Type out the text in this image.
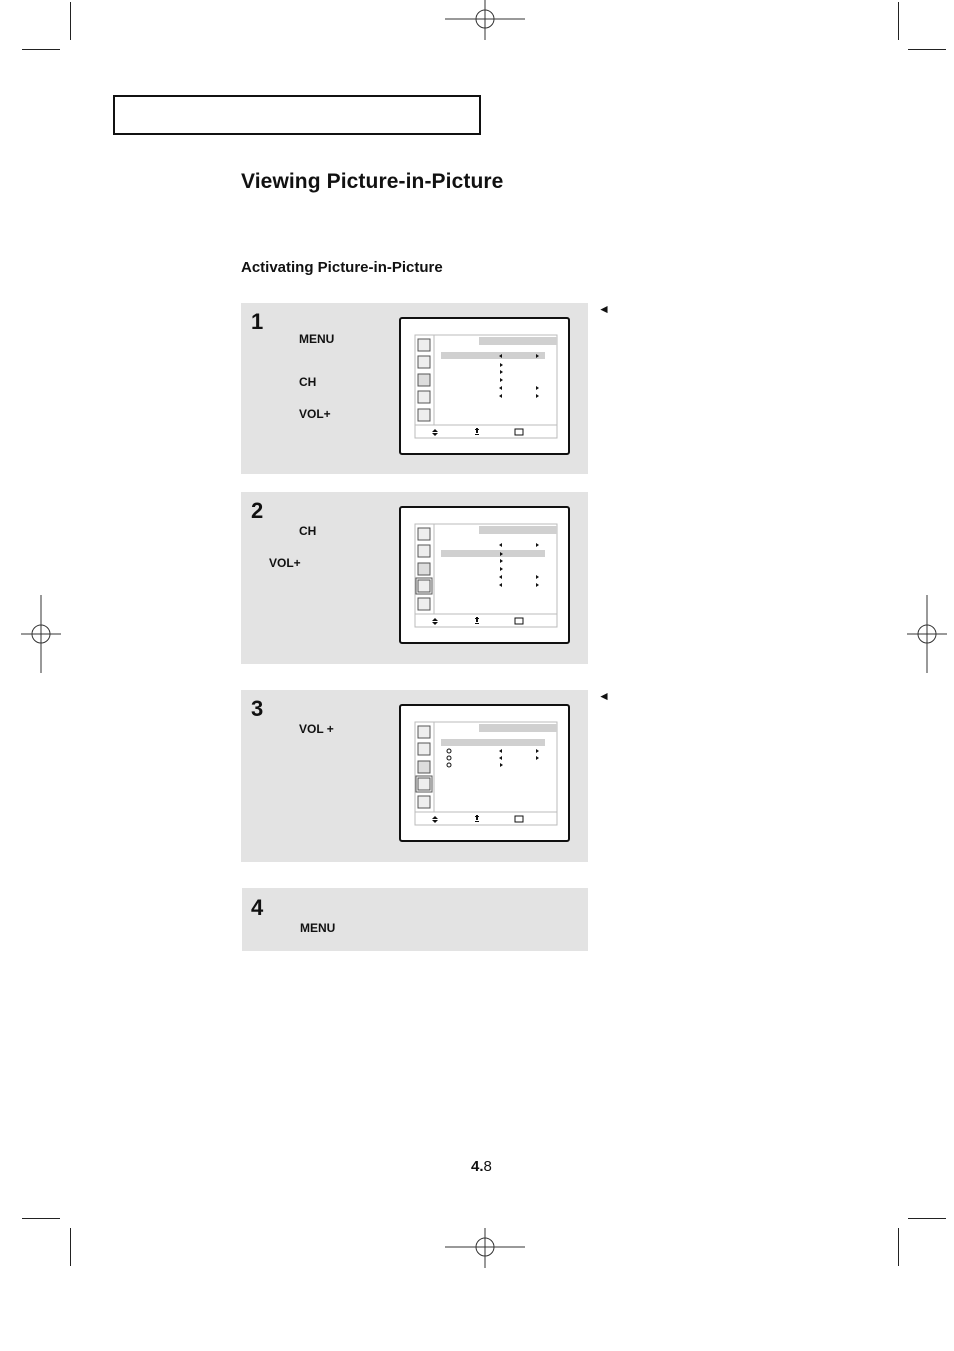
Viewing Picture-in-Picture
Activating Picture-in-Picture
1
MENU
CH
VOL+
◄
2
CH
VOL+
3
VOL +
◄
4
MENU
4.8
